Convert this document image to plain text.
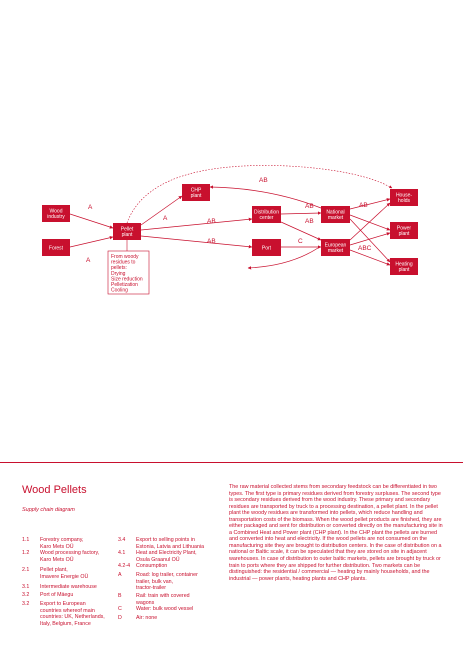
Wood
industry
1.1
Forest
1.2
Pellet
plant
2.1
CHP
plant
4.1
Distribution
center
3.1
Port
3.2
National
market
3.4
European
market
3.3
House-
holds
4.2
Power
plant
4.3
Heating
plant
4.4
A
A
A	AB
AB
AB
AB
AB
C
AB
ABC
From woody
residues to
pellets:
Drying
Size reduction
Pelletization
Cooling
Wood Pellets
Supply chain diagram
1.1 Forestry company,
Karo Mets OÜ
1.2 Wood processing factory,
Karo Mets OÜ
2.1 Pellet plant,
Imavere Energie OÜ
3.1 Intermediate warehouse
3.2 Port of Mäegu
3.2 Export to European
countries whereof main
countries: UK, Netherlands,
Italy, Belgium, France
3.4 Export to selling points in
Estonia, Latvia and Lithuania
4.1 Heat and Electricity Plant,
Osula Graanul OÜ
4.2-4 Consumption
A	Road: log trailer, container
trailer, bulk van,
tractor-trailer
B	Rail: train with covered
wagons
C	Water: bulk wood vessel
D	Air: none
The raw material collected stems from secondary feedstock can be differentiated in two types. The first type is primary residues derived from forestry surpluses. The second type is secondary residues derived from the wood industry. These primary and secondary residues are transported by truck to a processing destination, a pellet plant. In the pellet plant the woody residues are transformed into pellets, which reduce handling and transportation costs of the biomass. When the wood pellet products are finished, they are either packaged and sent for distribution or converted directly on the manufacturing site in a Combined Heat and Power plant (CHP plant). In the CHP plant the pellets are burned and converted into heat and electricity. If the wood pellets are not consumed on the manufacturing site they are brought to distribution centers. In the case of distribution on a national or Baltic scale, it can be speculated that they are stored on site in adjacent warehouses. In case of distribution to outer baltic markets, pellets are brought by truck or train to ports where they are shipped for further distribution. Two markets can be distinguished: the residential / commercial — heating by mainly households, and the industrial — power plants, heating plants and CHP plants.
